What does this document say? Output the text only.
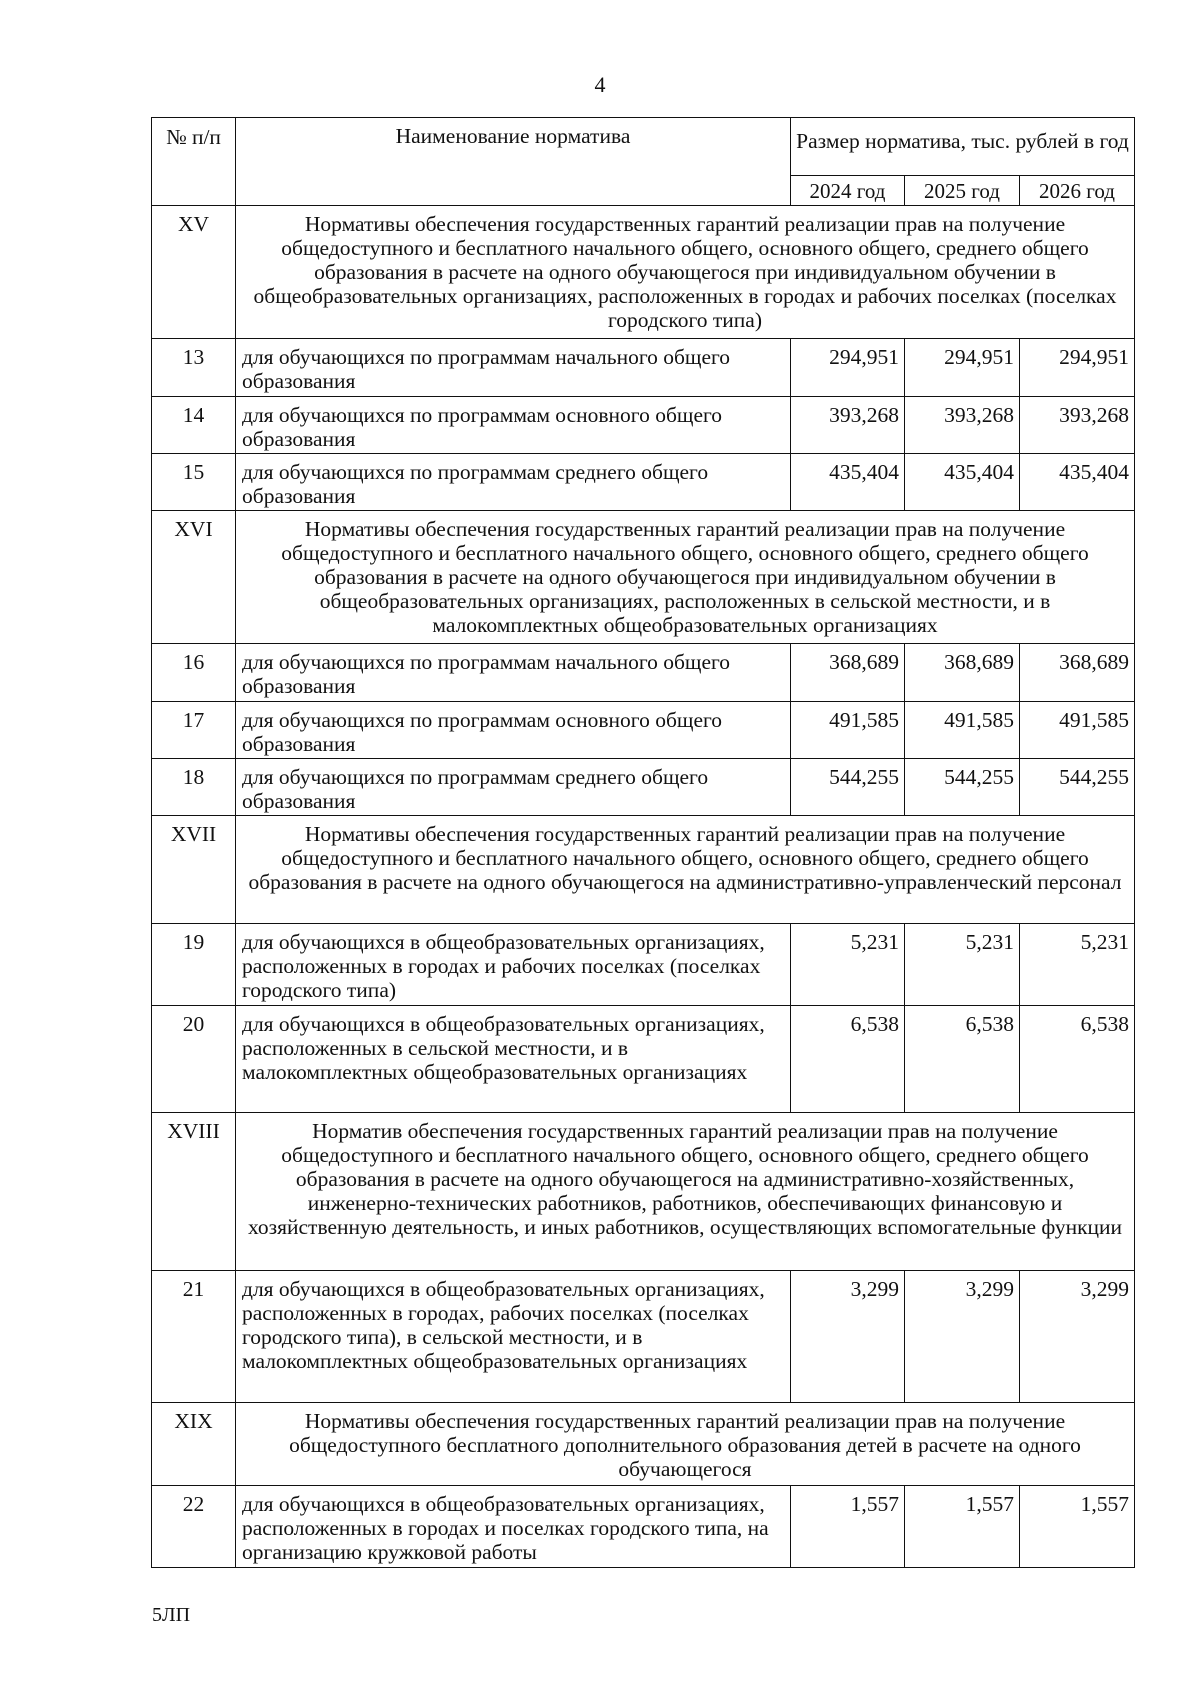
4
№ п/п	Наименование норматива	Размер норматива, тыс. рублей в год		
		2024 год	2025 год	2026 год
XV	Нормативы обеспечения государственных гарантий реализации прав на получение общедоступного и бесплатного начального общего, основного общего, среднего общего образования в расчете на одного обучающегося при индивидуальном обучении в общеобразовательных организациях, расположенных в городах и рабочих поселках (поселках городского типа)			
13	для обучающихся по программам начального общего образования	294,951	294,951	294,951
14	для обучающихся по программам основного общего образования	393,268	393,268	393,268
15	для обучающихся по программам среднего общего образования	435,404	435,404	435,404
XVI	Нормативы обеспечения государственных гарантий реализации прав на получение общедоступного и бесплатного начального общего, основного общего, среднего общего образования в расчете на одного обучающегося при индивидуальном обучении в общеобразовательных организациях, расположенных в сельской местности, и в малокомплектных общеобразовательных организациях			
16	для обучающихся по программам начального общего образования	368,689	368,689	368,689
17	для обучающихся по программам основного общего образования	491,585	491,585	491,585
18	для обучающихся по программам среднего общего образования	544,255	544,255	544,255
XVII	Нормативы обеспечения государственных гарантий реализации прав на получение общедоступного и бесплатного начального общего, основного общего, среднего общего образования в расчете на одного обучающегося на административно-управленческий персонал			
19	для обучающихся в общеобразовательных организациях, расположенных в городах и рабочих поселках (поселках городского типа)	5,231	5,231	5,231
20	для обучающихся в общеобразовательных организациях, расположенных в сельской местности, и в малокомплектных общеобразовательных организациях	6,538	6,538	6,538
XVIII	Норматив обеспечения государственных гарантий реализации прав на получение общедоступного и бесплатного начального общего, основного общего, среднего общего образования в расчете на одного обучающегося на административно-хозяйственных, инженерно-технических работников, работников, обеспечивающих финансовую и хозяйственную деятельность, и иных работников, осуществляющих вспомогательные функции			
21	для обучающихся в общеобразовательных организациях, расположенных в городах, рабочих поселках (поселках городского типа), в сельской местности, и в малокомплектных общеобразовательных организациях	3,299	3,299	3,299
XIX	Нормативы обеспечения государственных гарантий реализации прав на получение общедоступного бесплатного дополнительного образования детей в расчете на одного обучающегося			
22	для обучающихся в общеобразовательных организациях, расположенных в городах и поселках городского типа, на организацию кружковой работы	1,557	1,557	1,557
5ЛП
